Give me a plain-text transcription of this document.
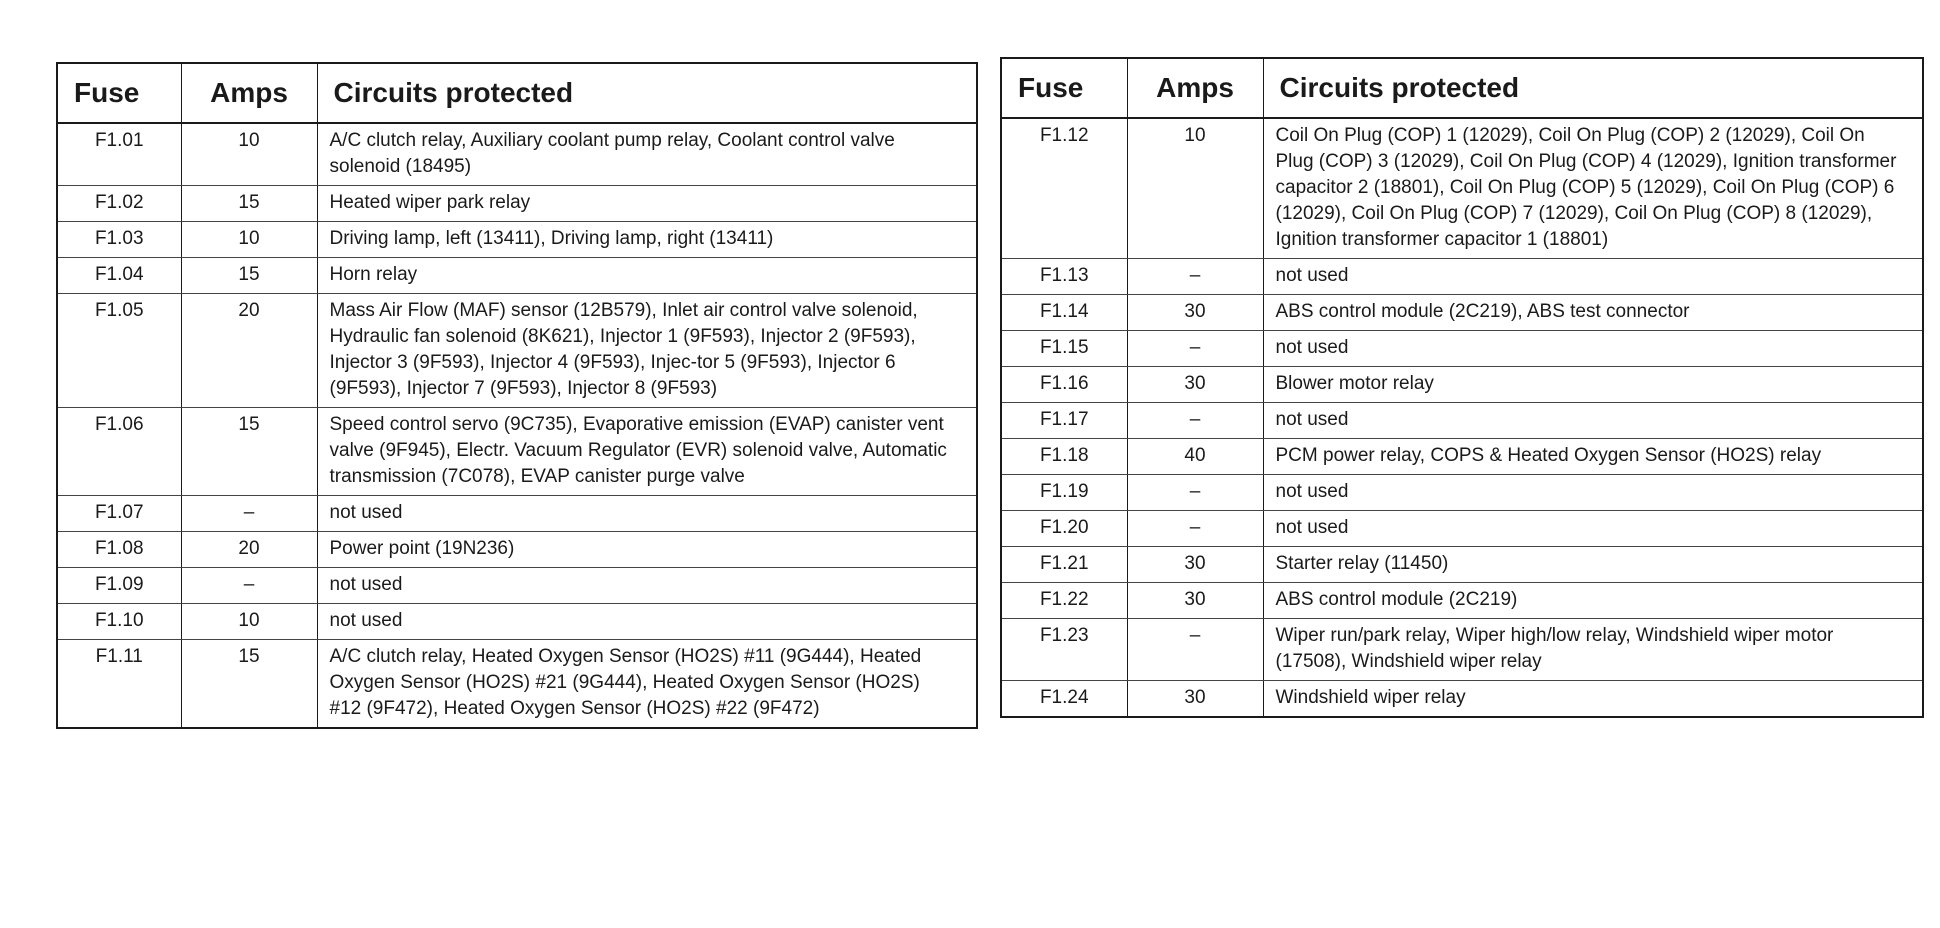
Fuse	Amps	Circuits protected
F1.01	10	A/C clutch relay, Auxiliary coolant pump relay, Coolant control valve solenoid (18495)
F1.02	15	Heated wiper park relay
F1.03	10	Driving lamp, left (13411), Driving lamp, right (13411)
F1.04	15	Horn relay
F1.05	20	Mass Air Flow (MAF) sensor (12B579), Inlet air control valve solenoid, Hydraulic fan solenoid (8K621), Injector 1 (9F593), Injector 2 (9F593), Injector 3 (9F593), Injector 4 (9F593), Injec-tor 5 (9F593), Injector 6 (9F593), Injector 7 (9F593), Injector 8 (9F593)
F1.06	15	Speed control servo (9C735), Evaporative emission (EVAP) canister vent valve (9F945), Electr. Vacuum Regulator (EVR) solenoid valve, Automatic transmission (7C078), EVAP canister purge valve
F1.07	–	not used
F1.08	20	Power point (19N236)
F1.09	–	not used
F1.10	10	not used
F1.11	15	A/C clutch relay, Heated Oxygen Sensor (HO2S) #11 (9G444), Heated Oxygen Sensor (HO2S) #21 (9G444), Heated Oxygen Sensor (HO2S) #12 (9F472), Heated Oxygen Sensor (HO2S) #22 (9F472)
Fuse	Amps	Circuits protected
F1.12	10	Coil On Plug (COP) 1 (12029), Coil On Plug (COP) 2 (12029), Coil On Plug (COP) 3 (12029), Coil On Plug (COP) 4 (12029), Ignition transformer capacitor 2 (18801), Coil On Plug (COP) 5 (12029), Coil On Plug (COP) 6 (12029), Coil On Plug (COP) 7 (12029), Coil On Plug (COP) 8 (12029), Ignition transformer capacitor 1 (18801)
F1.13	–	not used
F1.14	30	ABS control module (2C219), ABS test connector
F1.15	–	not used
F1.16	30	Blower motor relay
F1.17	–	not used
F1.18	40	PCM power relay, COPS & Heated Oxygen Sensor (HO2S) relay
F1.19	–	not used
F1.20	–	not used
F1.21	30	Starter relay (11450)
F1.22	30	ABS control module (2C219)
F1.23	–	Wiper run/park relay, Wiper high/low relay, Windshield wiper motor (17508), Windshield wiper relay
F1.24	30	Windshield wiper relay
